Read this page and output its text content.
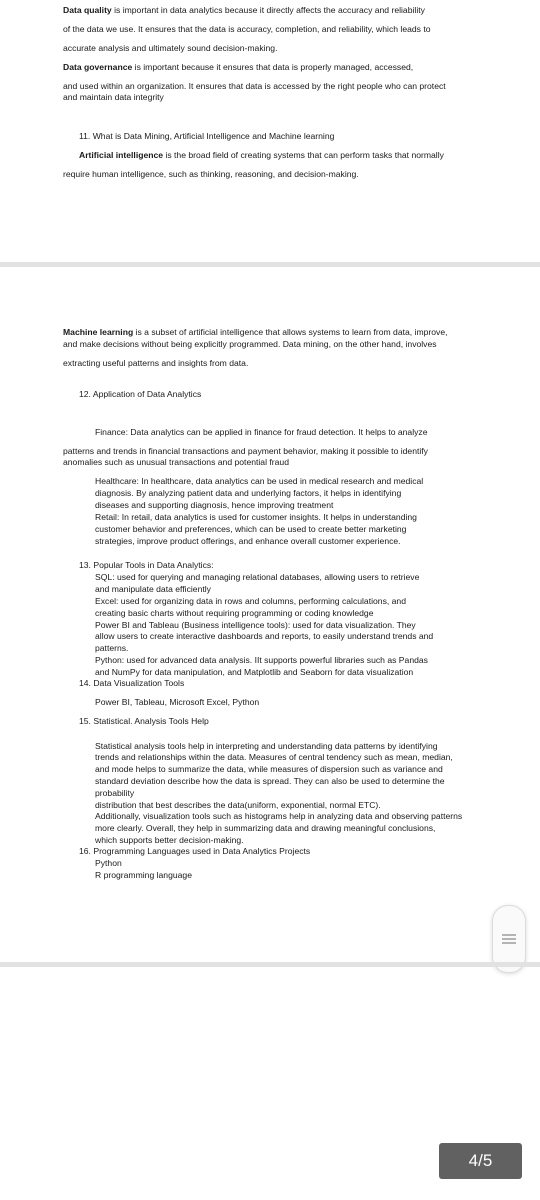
Data quality is important in data analytics because it directly affects the accuracy and reliability
of the data we use. It ensures that the data is accuracy, completion, and reliability, which leads to
accurate analysis and ultimately sound decision-making.
Data governance is important because it ensures that data is properly managed, accessed,
and used within an organization. It ensures that data is accessed by the right people who can protect
and maintain data integrity
11. What is Data Mining, Artificial Intelligence and Machine learning
Artificial intelligence is the broad field of creating systems that can perform tasks that normally
require human intelligence, such as thinking, reasoning, and decision-making.
Machine learning is a subset of artificial intelligence that allows systems to learn from data, improve,
and make decisions without being explicitly programmed. Data mining, on the other hand, involves
extracting useful patterns and insights from data.
12. Application of Data Analytics
Finance: Data analytics can be applied in finance for fraud detection. It helps to analyze
patterns and trends in financial transactions and payment behavior, making it possible to identify
anomalies such as unusual transactions and potential fraud
Healthcare: In healthcare, data analytics can be used in medical research and medical
diagnosis. By analyzing patient data and underlying factors, it helps in identifying
diseases and supporting diagnosis, hence improving treatment
Retail: In retail, data analytics is used for customer insights. It helps in understanding
customer behavior and preferences, which can be used to create better marketing
strategies, improve product offerings, and enhance overall customer experience.
13. Popular Tools in Data Analytics:
SQL: used for querying and managing relational databases, allowing users to retrieve
and manipulate data efficiently
Excel: used for organizing data in rows and columns, performing calculations, and
creating basic charts without requiring programming or coding knowledge
Power BI and Tableau (Business intelligence tools): used for data visualization. They
allow users to create interactive dashboards and reports, to easily understand trends and
patterns.
Python: used for advanced data analysis. IIt supports powerful libraries such as Pandas
and NumPy for data manipulation, and Matplotlib and Seaborn for data visualization
14. Data Visualization Tools
Power BI, Tableau, Microsoft Excel, Python
15. Statistical. Analysis Tools Help
Statistical analysis tools help in interpreting and understanding data patterns by identifying
trends and relationships within the data. Measures of central tendency such as mean, median,
and mode helps to summarize the data, while measures of dispersion such as variance and
standard deviation describe how the data is spread. They can also be used to determine the
probability
distribution that best describes the data(uniform, exponential, normal ETC).
Additionally, visualization tools such as histograms help in analyzing data and observing patterns
more clearly. Overall, they help in summarizing data and drawing meaningful conclusions,
which supports better decision-making.
16. Programming Languages used in Data Analytics Projects
Python
R programming language
4/5
